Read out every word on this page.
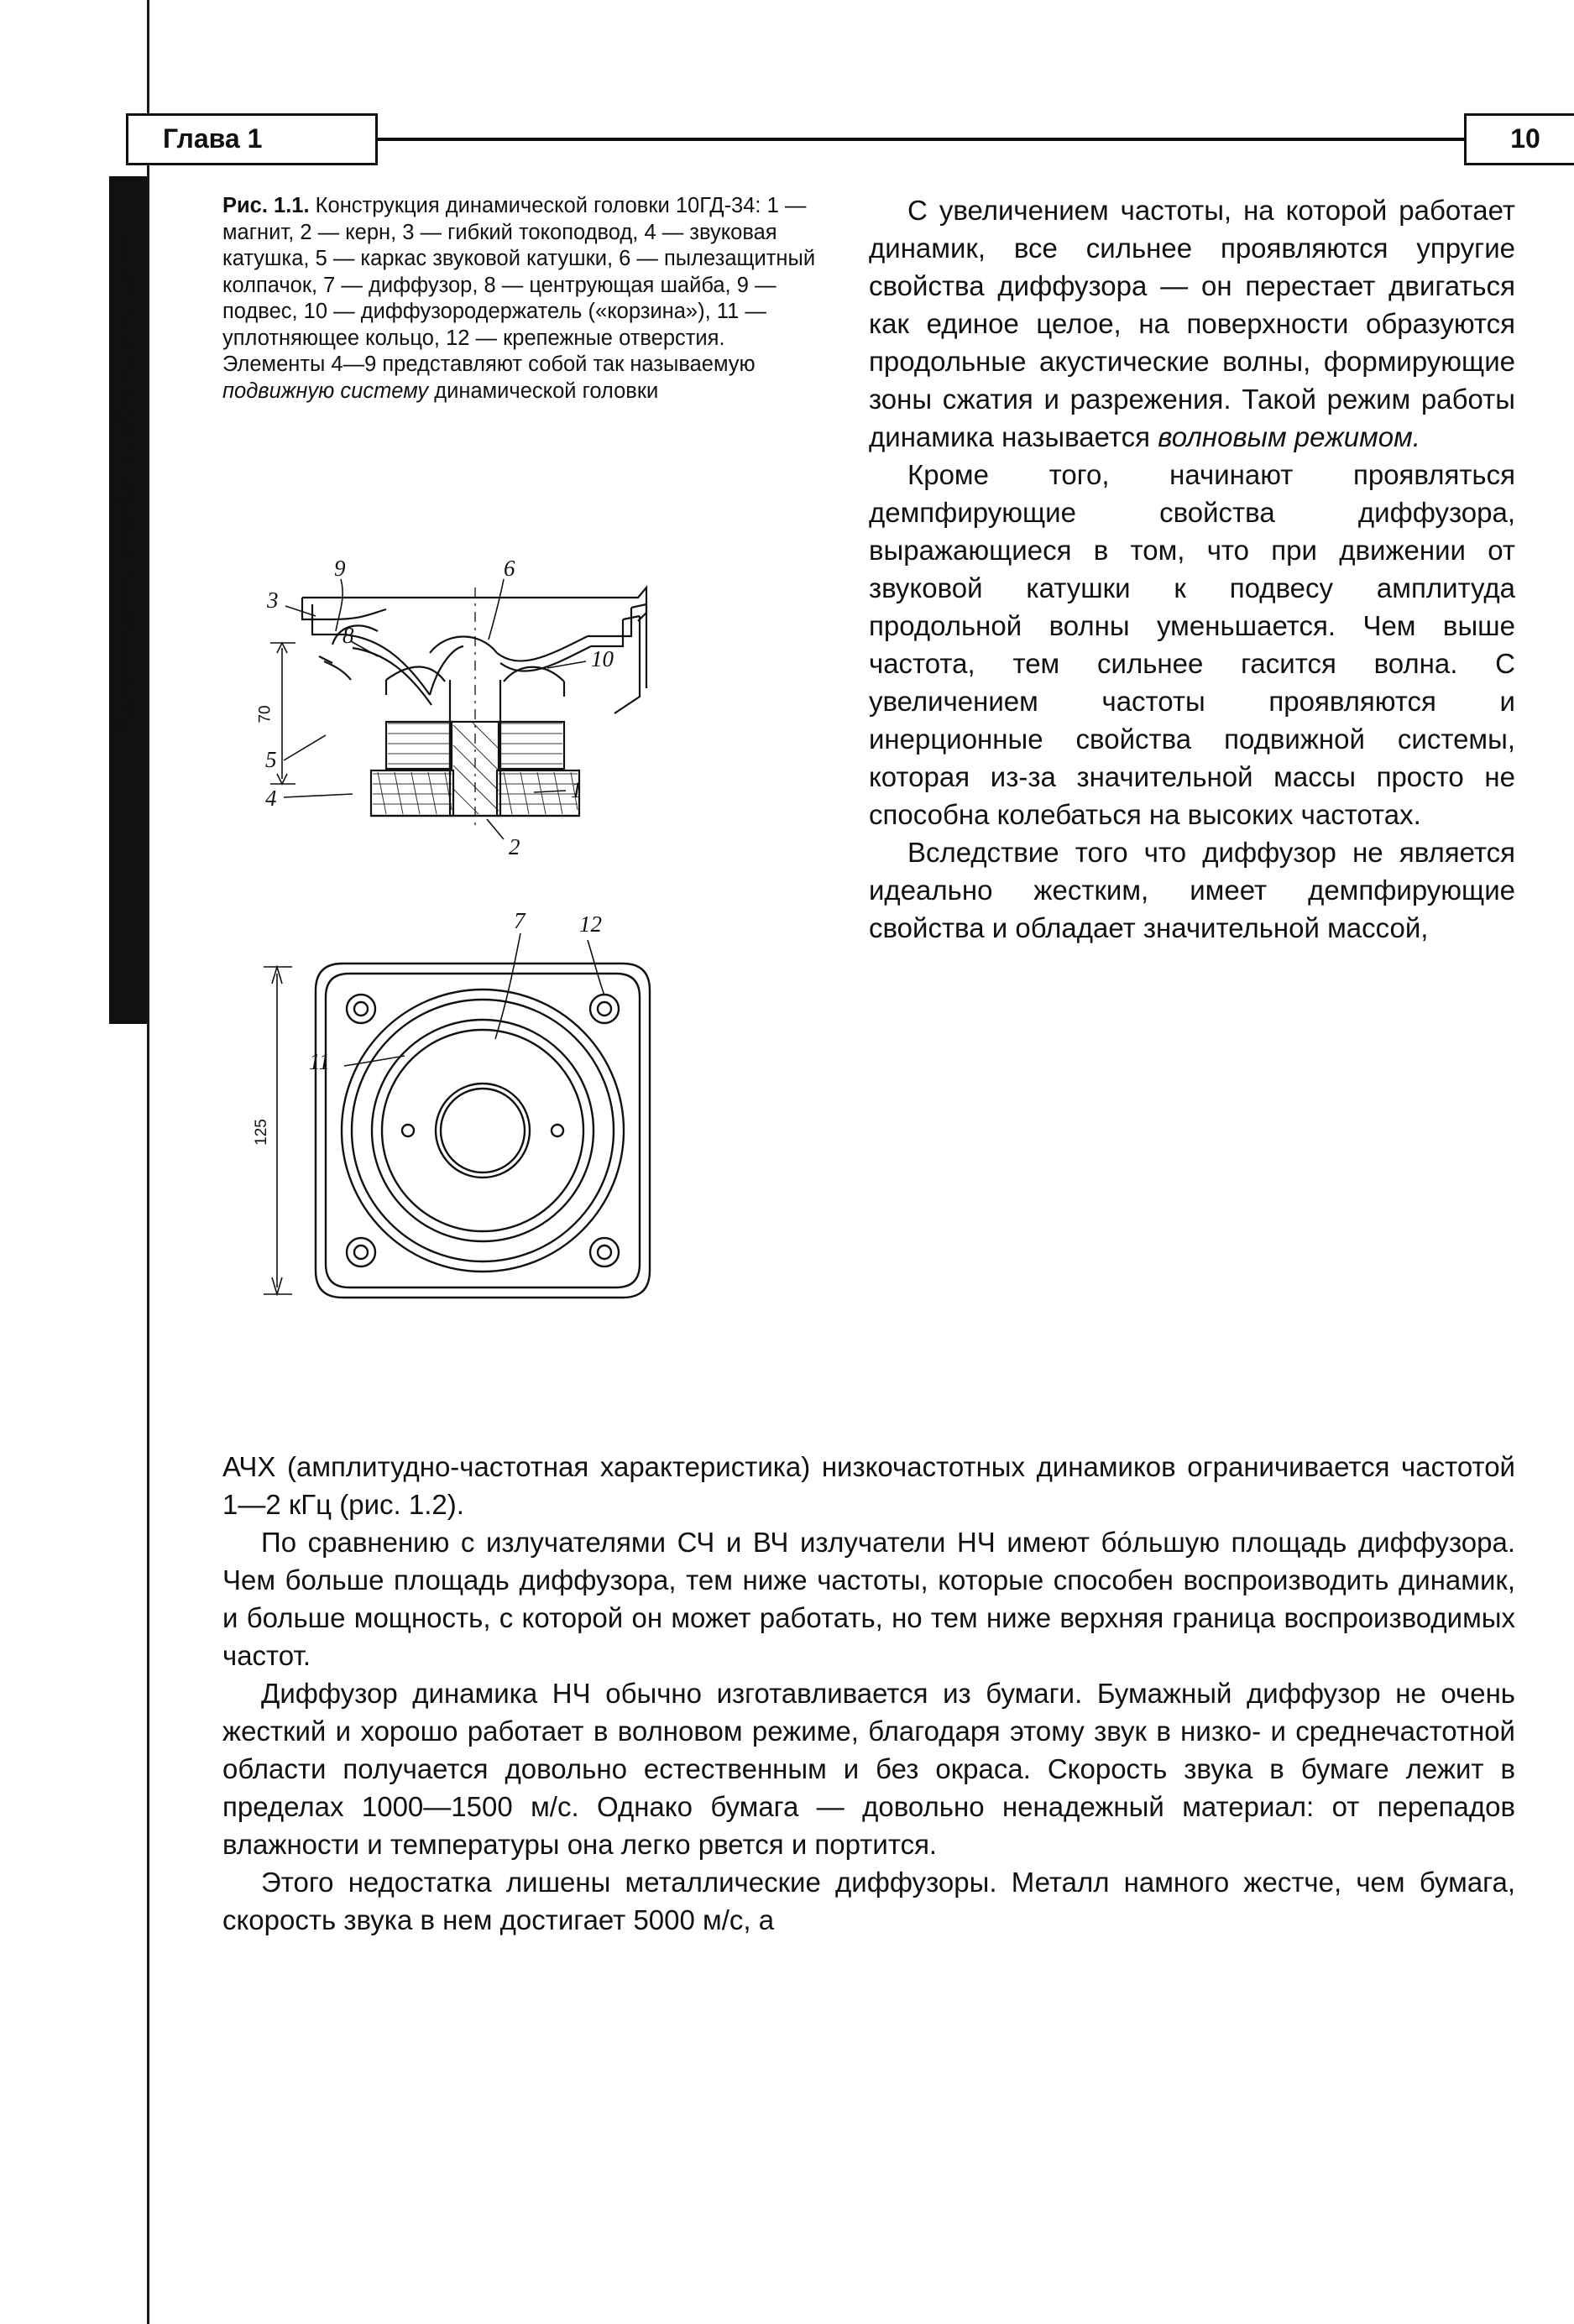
Акустические системы, общие сведения
Глава 1	10
Рис. 1.1. Конструкция динамической головки 10ГД-34: 1 — магнит, 2 — керн, 3 — гибкий токоподвод, 4 — звуковая катушка, 5 — каркас звуковой катушки, 6 — пылезащитный колпачок, 7 — диффузор, 8 — центрующая шайба, 9 — подвес, 10 — диффузородержатель («корзина»), 11 — уплотняющее кольцо, 12 — крепежные отверстия. Элементы 4—9 представляют собой так называемую подвижную систему динамической головки
9	6
3
8
10
5
4	1
2
70
7 12
11
125

С увеличением частоты, на которой работает динамик, все сильнее проявляются упругие свойства диффузора — он перестает двигаться как единое целое, на поверхности образуются продольные акустические волны, формирующие зоны сжатия и разрежения. Такой режим работы динамика называется волновым режимом.

Кроме того, начинают проявляться демпфирующие свойства диффузора, выражающиеся в том, что при движении от звуковой катушки к подвесу амплитуда продольной волны уменьшается. Чем выше частота, тем сильнее гасится волна. С увеличением частоты проявляются и инерционные свойства подвижной системы, которая из-за значительной массы просто не способна колебаться на высоких частотах.

Вследствие того что диффузор не является идеально жестким, имеет демпфирующие свойства и обладает значительной массой,

АЧХ (амплитудно-частотная характеристика) низкочастотных динамиков ограничивается частотой 1—2 кГц (рис. 1.2).

По сравнению с излучателями СЧ и ВЧ излучатели НЧ имеют бо́льшую площадь диффузора. Чем больше площадь диффузора, тем ниже частоты, которые способен воспроизводить динамик, и больше мощность, с которой он может работать, но тем ниже верхняя граница воспроизводимых частот.

Диффузор динамика НЧ обычно изготавливается из бумаги. Бумажный диффузор не очень жесткий и хорошо работает в волновом режиме, благодаря этому звук в низко- и среднечастотной области получается довольно естественным и без окраса. Скорость звука в бумаге лежит в пределах 1000—1500 м/с. Однако бумага — довольно ненадежный материал: от перепадов влажности и температуры она легко рвется и портится.

Этого недостатка лишены металлические диффузоры. Металл намного жестче, чем бумага, скорость звука в нем достигает 5000 м/с, а
